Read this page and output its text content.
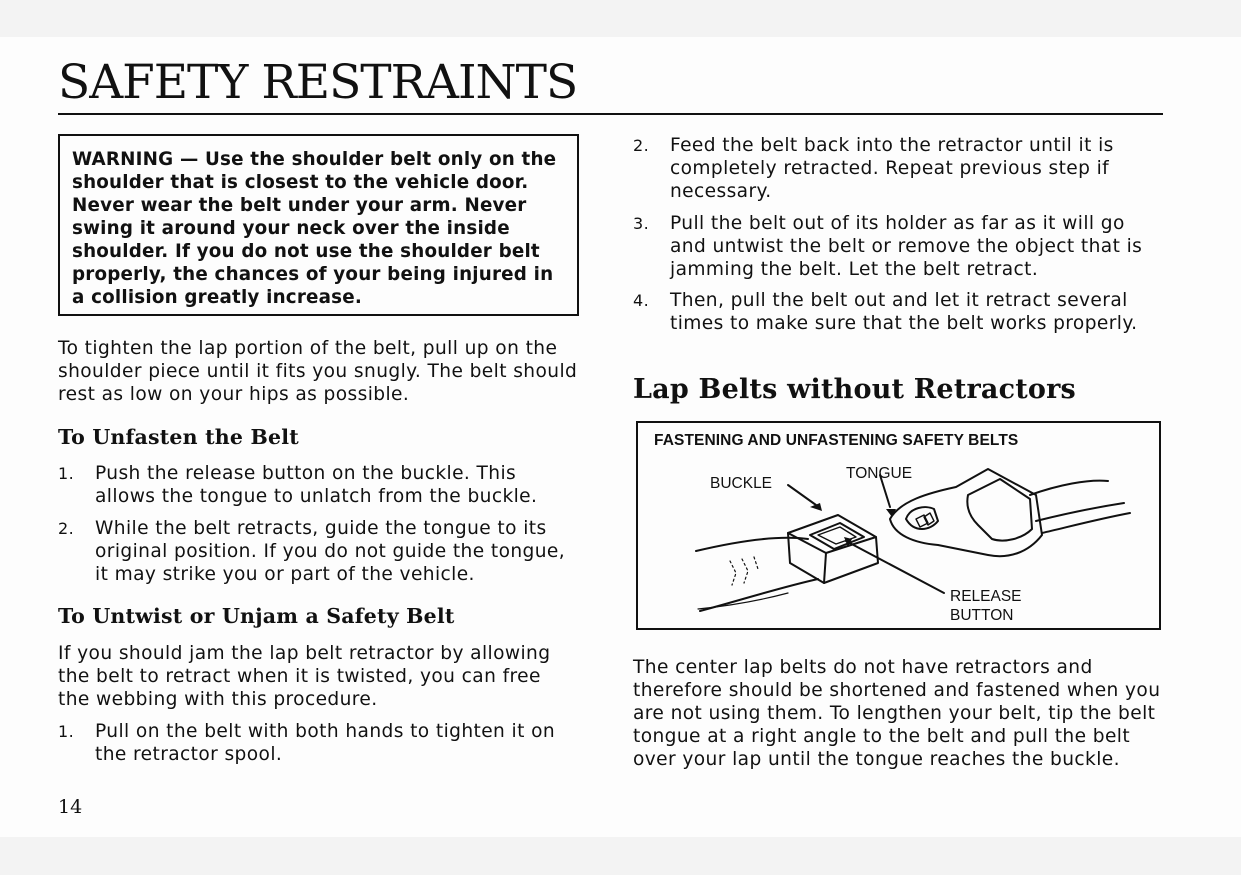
SAFETY RESTRAINTS
WARNING — Use the shoulder belt only on the shoulder that is closest to the vehicle door. Never wear the belt under your arm. Never swing it around your neck over the inside shoulder. If you do not use the shoulder belt properly, the chances of your being injured in a collision greatly increase.

To tighten the lap portion of the belt, pull up on the shoulder piece until it fits you snugly. The belt should rest as low on your hips as possible.

To Unfasten the Belt
1. Push the release button on the buckle. This allows the tongue to unlatch from the buckle.

2. While the belt retracts, guide the tongue to its original position. If you do not guide the tongue, it may strike you or part of the vehicle.

To Untwist or Unjam a Safety Belt

If you should jam the lap belt retractor by allowing the belt to retract when it is twisted, you can free the webbing with this procedure.

1. Pull on the belt with both hands to tighten it on the retractor spool.

14
2. Feed the belt back into the retractor until it is completely retracted. Repeat previous step if necessary.

3. Pull the belt out of its holder as far as it will go and untwist the belt or remove the object that is jamming the belt. Let the belt retract.

4. Then, pull the belt out and let it retract several times to make sure that the belt works properly.

Lap Belts without Retractors
FASTENING AND UNFASTENING SAFETY BELTS
BUCKLE
TONGUE
RELEASE
BUTTON

The center lap belts do not have retractors and therefore should be shortened and fastened when you are not using them. To lengthen your belt, tip the belt tongue at a right angle to the belt and pull the belt over your lap until the tongue reaches the buckle.
